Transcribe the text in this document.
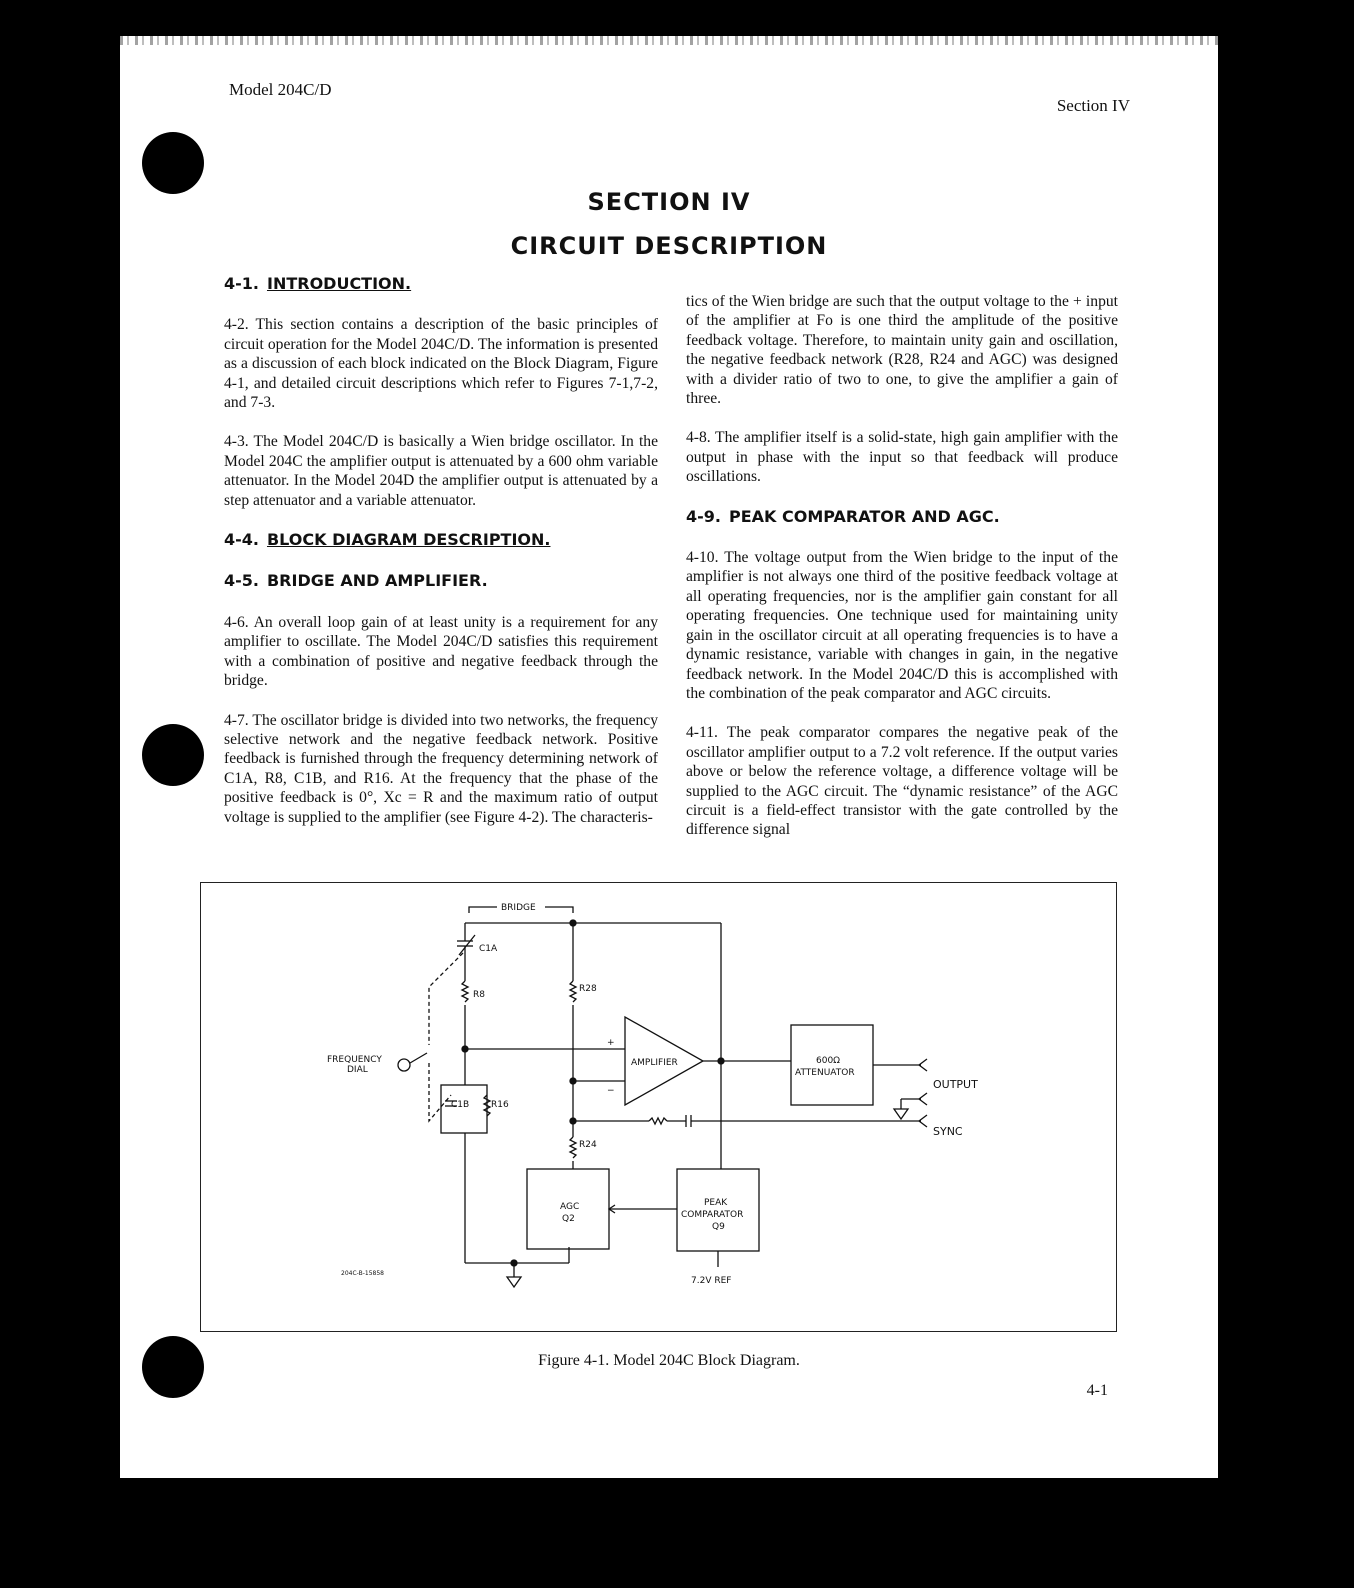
Model 204C/D
Section IV
SECTION IV
CIRCUIT DESCRIPTION
4-1. INTRODUCTION.

4-2. This section contains a description of the basic principles of circuit operation for the Model 204C/D. The information is presented as a discussion of each block indicated on the Block Diagram, Figure 4-1, and detailed circuit descriptions which refer to Figures 7-1,7-2, and 7-3.

4-3. The Model 204C/D is basically a Wien bridge oscillator. In the Model 204C the amplifier output is attenuated by a 600 ohm variable attenuator. In the Model 204D the amplifier output is attenuated by a step attenuator and a variable attenuator.

4-4. BLOCK DIAGRAM DESCRIPTION.
4-5. BRIDGE AND AMPLIFIER.

4-6. An overall loop gain of at least unity is a requirement for any amplifier to oscillate. The Model 204C/D satisfies this requirement with a combination of positive and negative feedback through the bridge.

4-7. The oscillator bridge is divided into two networks, the frequency selective network and the negative feedback network. Positive feedback is furnished through the frequency determining network of C1A, R8, C1B, and R16. At the frequency that the phase of the positive feedback is 0°, Xc = R and the maximum ratio of output voltage is supplied to the amplifier (see Figure 4-2). The characteris-

tics of the Wien bridge are such that the output voltage to the + input of the amplifier at Fo is one third the amplitude of the positive feedback voltage. Therefore, to maintain unity gain and oscillation, the negative feedback network (R28, R24 and AGC) was designed with a divider ratio of two to one, to give the amplifier a gain of three.

4-8. The amplifier itself is a solid-state, high gain amplifier with the output in phase with the input so that feedback will produce oscillations.

4-9. PEAK COMPARATOR AND AGC.

4-10. The voltage output from the Wien bridge to the input of the amplifier is not always one third of the positive feedback voltage at all operating frequencies, nor is the amplifier gain constant for all operating frequencies. One technique used for maintaining unity gain in the oscillator circuit at all operating frequencies is to have a dynamic resistance, variable with changes in gain, in the negative feedback network. In the Model 204C/D this is accomplished with the combination of the peak comparator and AGC circuits.

4-11. The peak comparator compares the negative peak of the oscillator amplifier output to a 7.2 volt reference. If the output varies above or below the reference voltage, a difference voltage will be supplied to the AGC circuit. The “dynamic resistance” of the AGC circuit is a field-effect transistor with the gate controlled by the difference signal

BRIDGE
C1A
R8
FREQUENCY
DIAL
C1B R16
R28
R24
+
−
AMPLIFIER	600Ω
ATTENUATOR
OUTPUT
SYNC
AGC
Q2
PEAK
COMPARATOR
Q9
7.2V REF
204C-B-15858
Figure 4-1. Model 204C Block Diagram.
4-1
